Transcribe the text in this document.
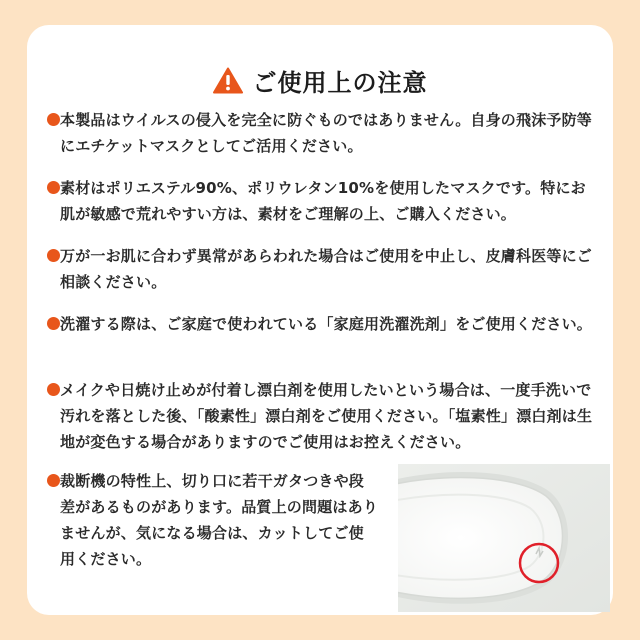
ご使用上の注意
本製品はウイルスの侵入を完全に防ぐものではありません。自身の飛沫予防等にエチケットマスクとしてご活用ください。
素材はポリエステル90%、ポリウレタン10%を使用したマスクです。特にお肌が敏感で荒れやすい方は、素材をご理解の上、ご購入ください。
万が一お肌に合わず異常があらわれた場合はご使用を中止し、皮膚科医等にご相談ください。
洗濯する際は、ご家庭で使われている「家庭用洗濯洗剤」をご使用ください。
メイクや日焼け止めが付着し漂白剤を使用したいという場合は、一度手洗いで汚れを落とした後、「酸素性」漂白剤をご使用ください。「塩素性」漂白剤は生地が変色する場合がありますのでご使用はお控えください。
裁断機の特性上、切り口に若干ガタつきや段差があるものがあります。品質上の問題はありませんが、気になる場合は、カットしてご使用ください。
